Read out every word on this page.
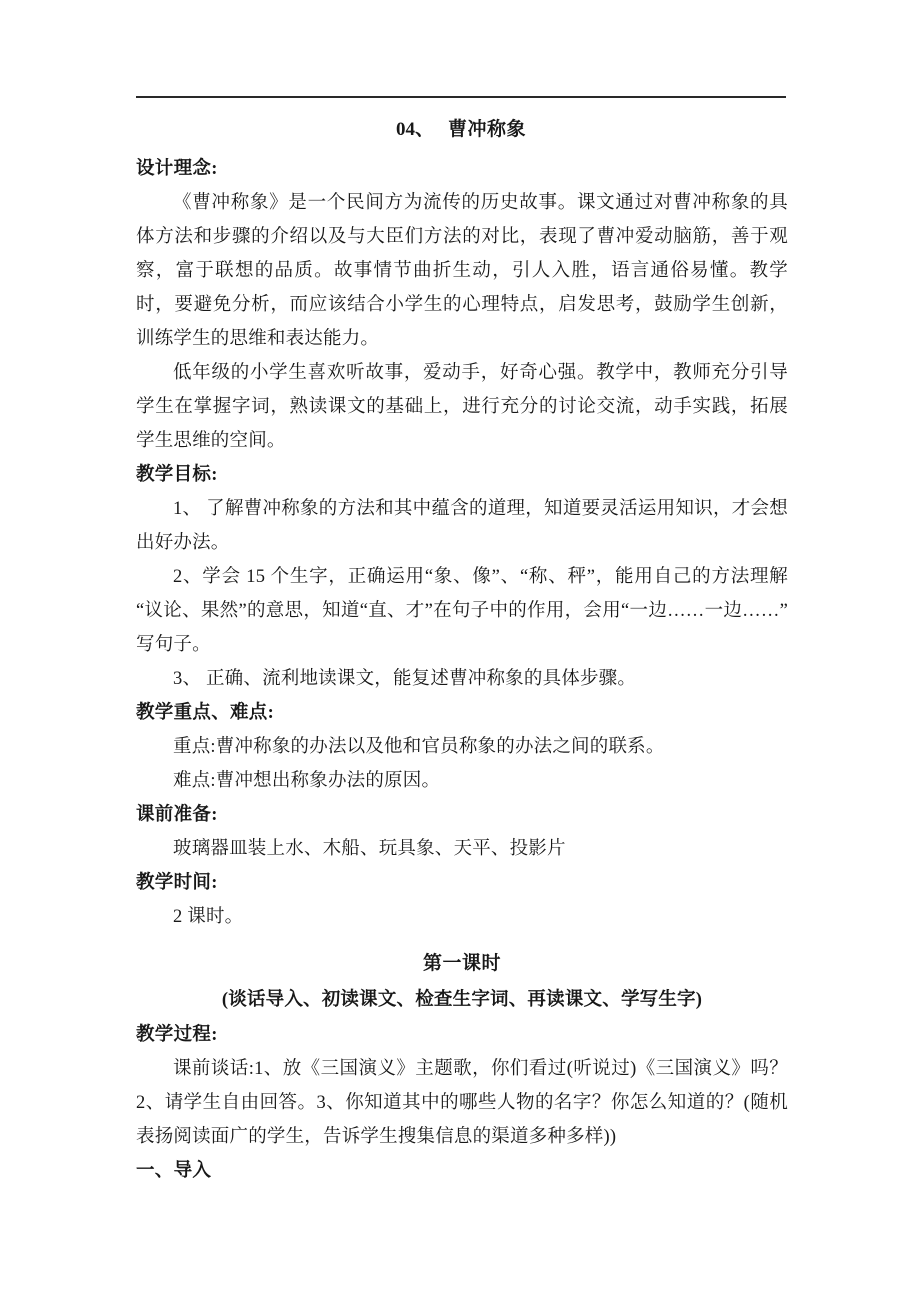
04、 曹冲称象
设计理念:

《曹冲称象》是一个民间方为流传的历史故事。课文通过对曹冲称象的具体方法和步骤的介绍以及与大臣们方法的对比，表现了曹冲爱动脑筋，善于观察，富于联想的品质。故事情节曲折生动，引人入胜，语言通俗易懂。教学时，要避免分析，而应该结合小学生的心理特点，启发思考，鼓励学生创新，训练学生的思维和表达能力。

低年级的小学生喜欢听故事，爱动手，好奇心强。教学中，教师充分引导学生在掌握字词，熟读课文的基础上，进行充分的讨论交流，动手实践，拓展学生思维的空间。

教学目标:

1、 了解曹冲称象的方法和其中蕴含的道理，知道要灵活运用知识，才会想出好办法。

2、学会 15 个生字，正确运用“象、像”、“称、秤”，能用自己的方法理解“议论、果然”的意思，知道“直、才”在句子中的作用，会用“一边……一边……”写句子。

3、 正确、流利地读课文，能复述曹冲称象的具体步骤。

教学重点、难点:

重点:曹冲称象的办法以及他和官员称象的办法之间的联系。

难点:曹冲想出称象办法的原因。

课前准备:

玻璃器皿装上水、木船、玩具象、天平、投影片

教学时间:

2 课时。

第一课时
(谈话导入、初读课文、检查生字词、再读课文、学写生字)
教学过程:

课前谈话:1、放《三国演义》主题歌，你们看过(听说过)《三国演义》吗？2、请学生自由回答。3、你知道其中的哪些人物的名字？你怎么知道的？(随机表扬阅读面广的学生，告诉学生搜集信息的渠道多种多样))

一、导入
